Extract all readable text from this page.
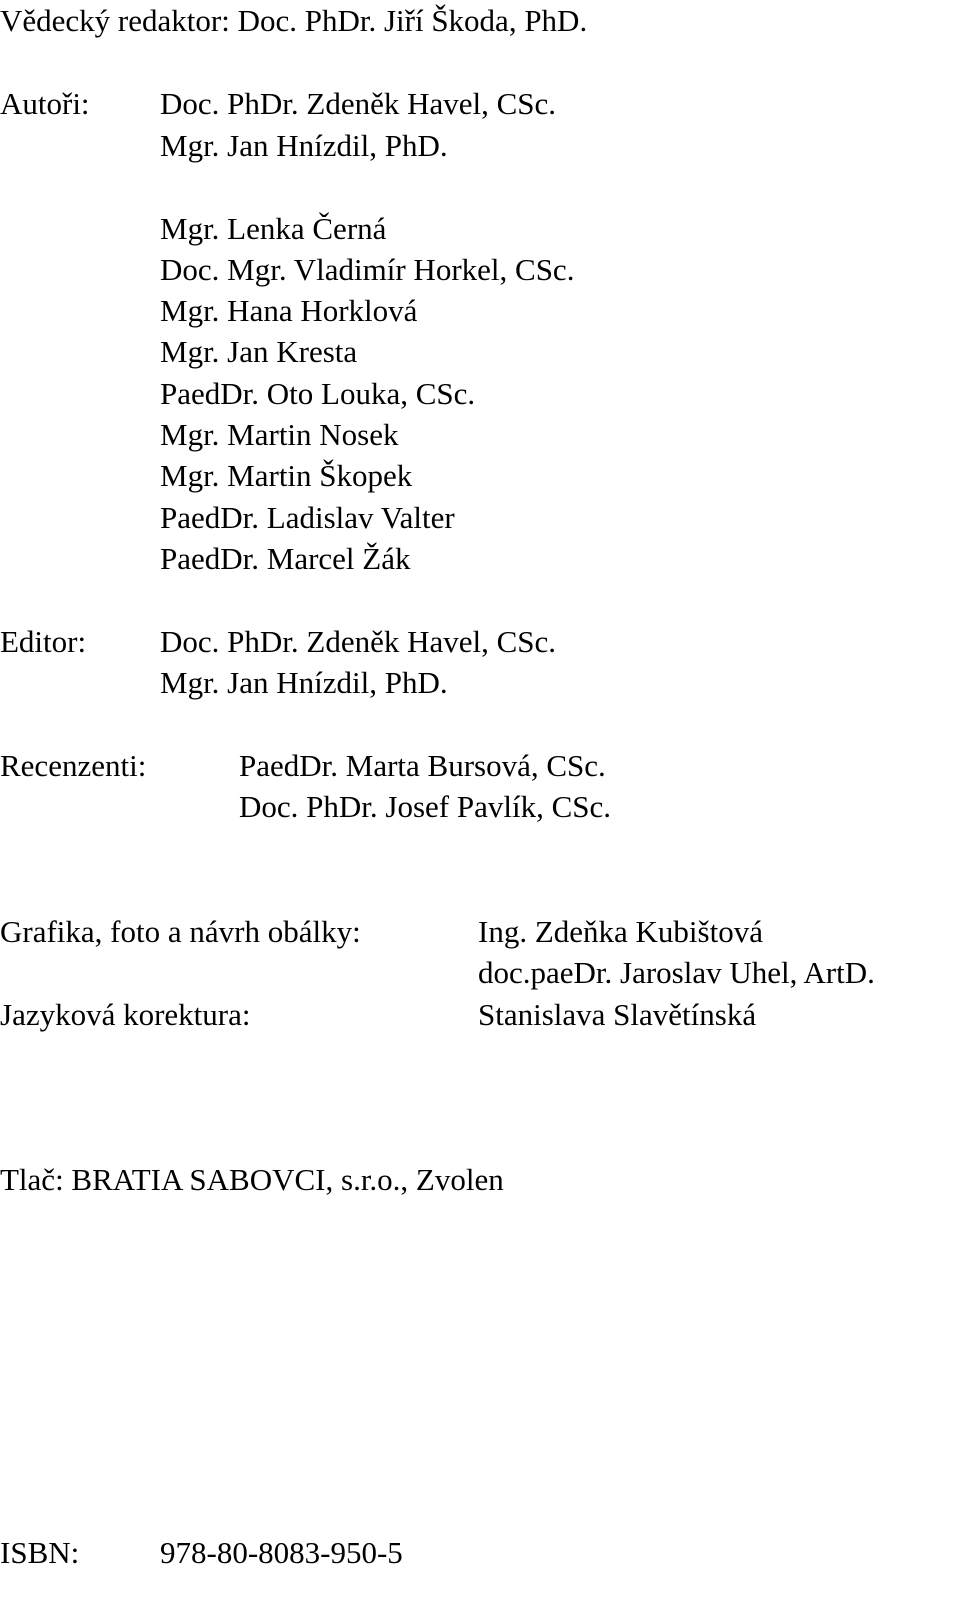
Vědecký redaktor: Doc. PhDr. Jiří Škoda, PhD.

Autoři: Doc. PhDr. Zdeněk Havel, CSc.

Mgr. Jan Hnízdil, PhD.

Mgr. Lenka Černá

Doc. Mgr. Vladimír Horkel, CSc.

Mgr. Hana Horklová

Mgr. Jan Kresta

PaedDr. Oto Louka, CSc.

Mgr. Martin Nosek

Mgr. Martin Škopek

PaedDr. Ladislav Valter

PaedDr. Marcel Žák

Editor: Doc. PhDr. Zdeněk Havel, CSc.

Mgr. Jan Hnízdil, PhD.

Recenzenti:	PaedDr. Marta Bursová, CSc.

Doc. PhDr. Josef Pavlík, CSc.

Grafika, foto a návrh obálky:	Ing. Zdeňka Kubištová

doc.paeDr. Jaroslav Uhel, ArtD.

Jazyková korektura:	Stanislava Slavětínská

Tlač: BRATIA SABOVCI, s.r.o., Zvolen

ISBN:	978-80-8083-950-5
